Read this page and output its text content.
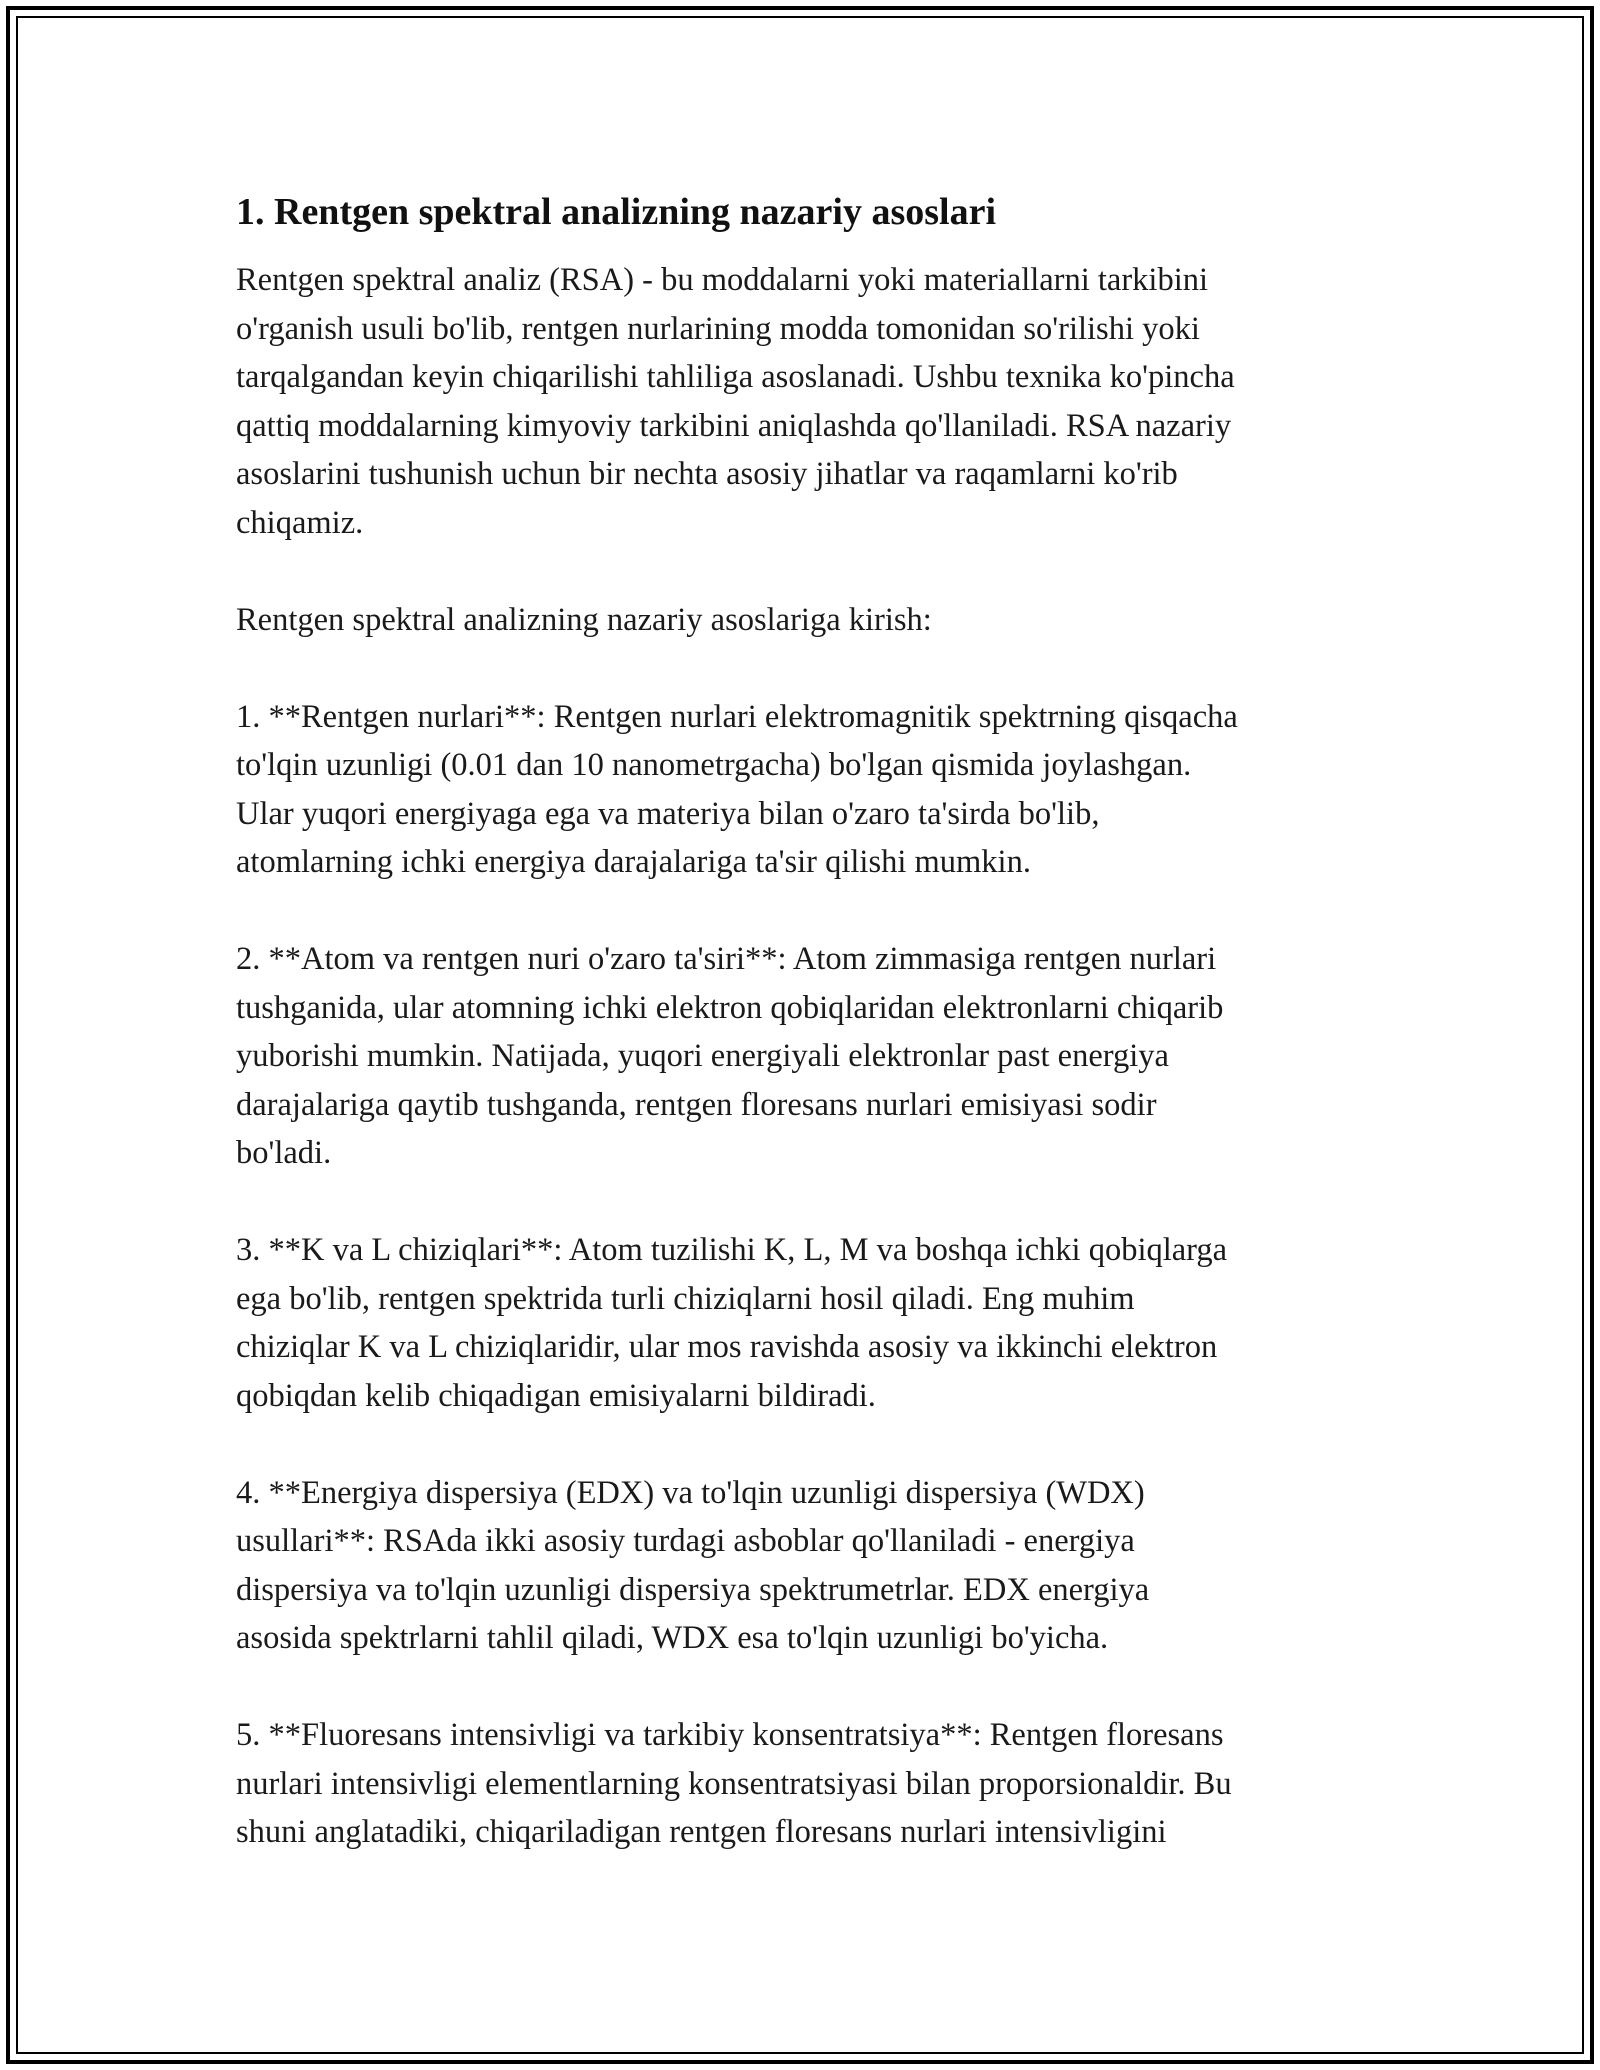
1. Rentgen spektral analizning nazariy asoslari
Rentgen spektral analiz (RSA) - bu moddalarni yoki materiallarni tarkibini
o'rganish usuli bo'lib, rentgen nurlarining modda tomonidan so'rilishi yoki
tarqalgandan keyin chiqarilishi tahliliga asoslanadi. Ushbu texnika ko'pincha
qattiq moddalarning kimyoviy tarkibini aniqlashda qo'llaniladi. RSA nazariy
asoslarini tushunish uchun bir nechta asosiy jihatlar va raqamlarni ko'rib
chiqamiz.
Rentgen spektral analizning nazariy asoslariga kirish:
1. **Rentgen nurlari**: Rentgen nurlari elektromagnitik spektrning qisqacha
to'lqin uzunligi (0.01 dan 10 nanometrgacha) bo'lgan qismida joylashgan.
Ular yuqori energiyaga ega va materiya bilan o'zaro ta'sirda bo'lib,
atomlarning ichki energiya darajalariga ta'sir qilishi mumkin.
2. **Atom va rentgen nuri o'zaro ta'siri**: Atom zimmasiga rentgen nurlari
tushganida, ular atomning ichki elektron qobiqlaridan elektronlarni chiqarib
yuborishi mumkin. Natijada, yuqori energiyali elektronlar past energiya
darajalariga qaytib tushganda, rentgen floresans nurlari emisiyasi sodir
bo'ladi.
3. **K va L chiziqlari**: Atom tuzilishi K, L, M va boshqa ichki qobiqlarga
ega bo'lib, rentgen spektrida turli chiziqlarni hosil qiladi. Eng muhim
chiziqlar K va L chiziqlaridir, ular mos ravishda asosiy va ikkinchi elektron
qobiqdan kelib chiqadigan emisiyalarni bildiradi.
4. **Energiya dispersiya (EDX) va to'lqin uzunligi dispersiya (WDX)
usullari**: RSAda ikki asosiy turdagi asboblar qo'llaniladi - energiya
dispersiya va to'lqin uzunligi dispersiya spektrumetrlar. EDX energiya
asosida spektrlarni tahlil qiladi, WDX esa to'lqin uzunligi bo'yicha.
5. **Fluoresans intensivligi va tarkibiy konsentratsiya**: Rentgen floresans
nurlari intensivligi elementlarning konsentratsiyasi bilan proporsionaldir. Bu
shuni anglatadiki, chiqariladigan rentgen floresans nurlari intensivligini
